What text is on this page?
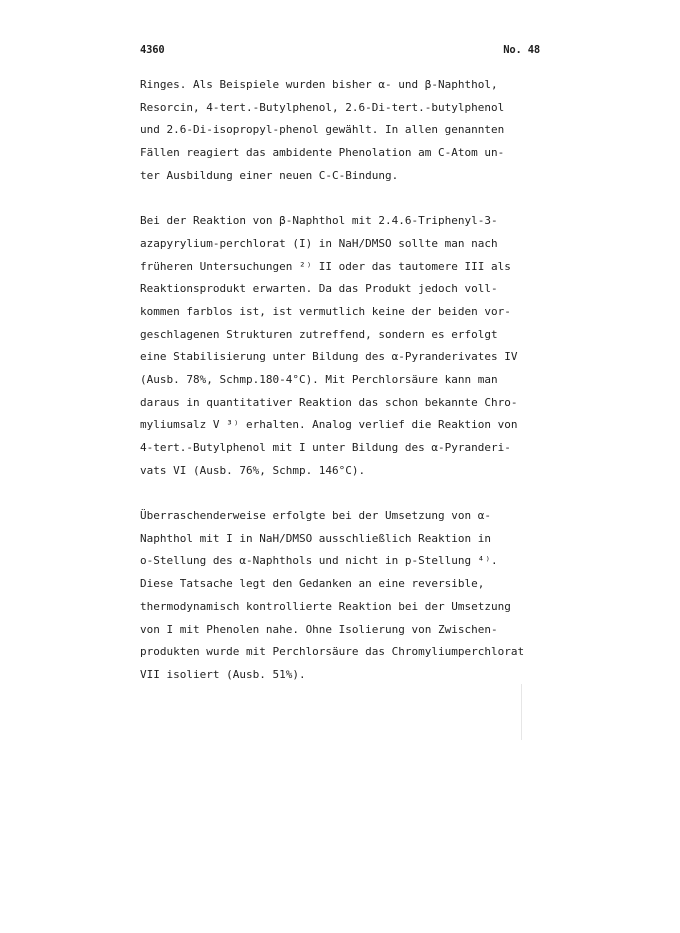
4360	No. 48

Ringes. Als Beispiele wurden bisher α- und β-Naphthol,
Resorcin, 4-tert.-Butylphenol, 2.6-Di-tert.-butylphenol
und 2.6-Di-isopropyl-phenol gewählt. In allen genannten
Fällen reagiert das ambidente Phenolation am C-Atom un-
ter Ausbildung einer neuen C-C-Bindung.

Bei der Reaktion von β-Naphthol mit 2.4.6-Triphenyl-3-
azapyrylium-perchlorat (I) in NaH/DMSO sollte man nach
früheren Untersuchungen ²⁾ II oder das tautomere III als
Reaktionsprodukt erwarten. Da das Produkt jedoch voll-
kommen farblos ist, ist vermutlich keine der beiden vor-
geschlagenen Strukturen zutreffend, sondern es erfolgt
eine Stabilisierung unter Bildung des α-Pyranderivates IV
(Ausb. 78%, Schmp.180-4°C). Mit Perchlorsäure kann man
daraus in quantitativer Reaktion das schon bekannte Chro-
myliumsalz V ³⁾ erhalten. Analog verlief die Reaktion von
4-tert.-Butylphenol mit I unter Bildung des α-Pyranderi-
vats VI (Ausb. 76%, Schmp. 146°C).

Überraschenderweise erfolgte bei der Umsetzung von α-
Naphthol mit I in NaH/DMSO ausschließlich Reaktion in
o-Stellung des α-Naphthols und nicht in p-Stellung ⁴⁾.
Diese Tatsache legt den Gedanken an eine reversible,
thermodynamisch kontrollierte Reaktion bei der Umsetzung
von I mit Phenolen nahe. Ohne Isolierung von Zwischen-
produkten wurde mit Perchlorsäure das Chromyliumperchlorat
VII isoliert (Ausb. 51%).
